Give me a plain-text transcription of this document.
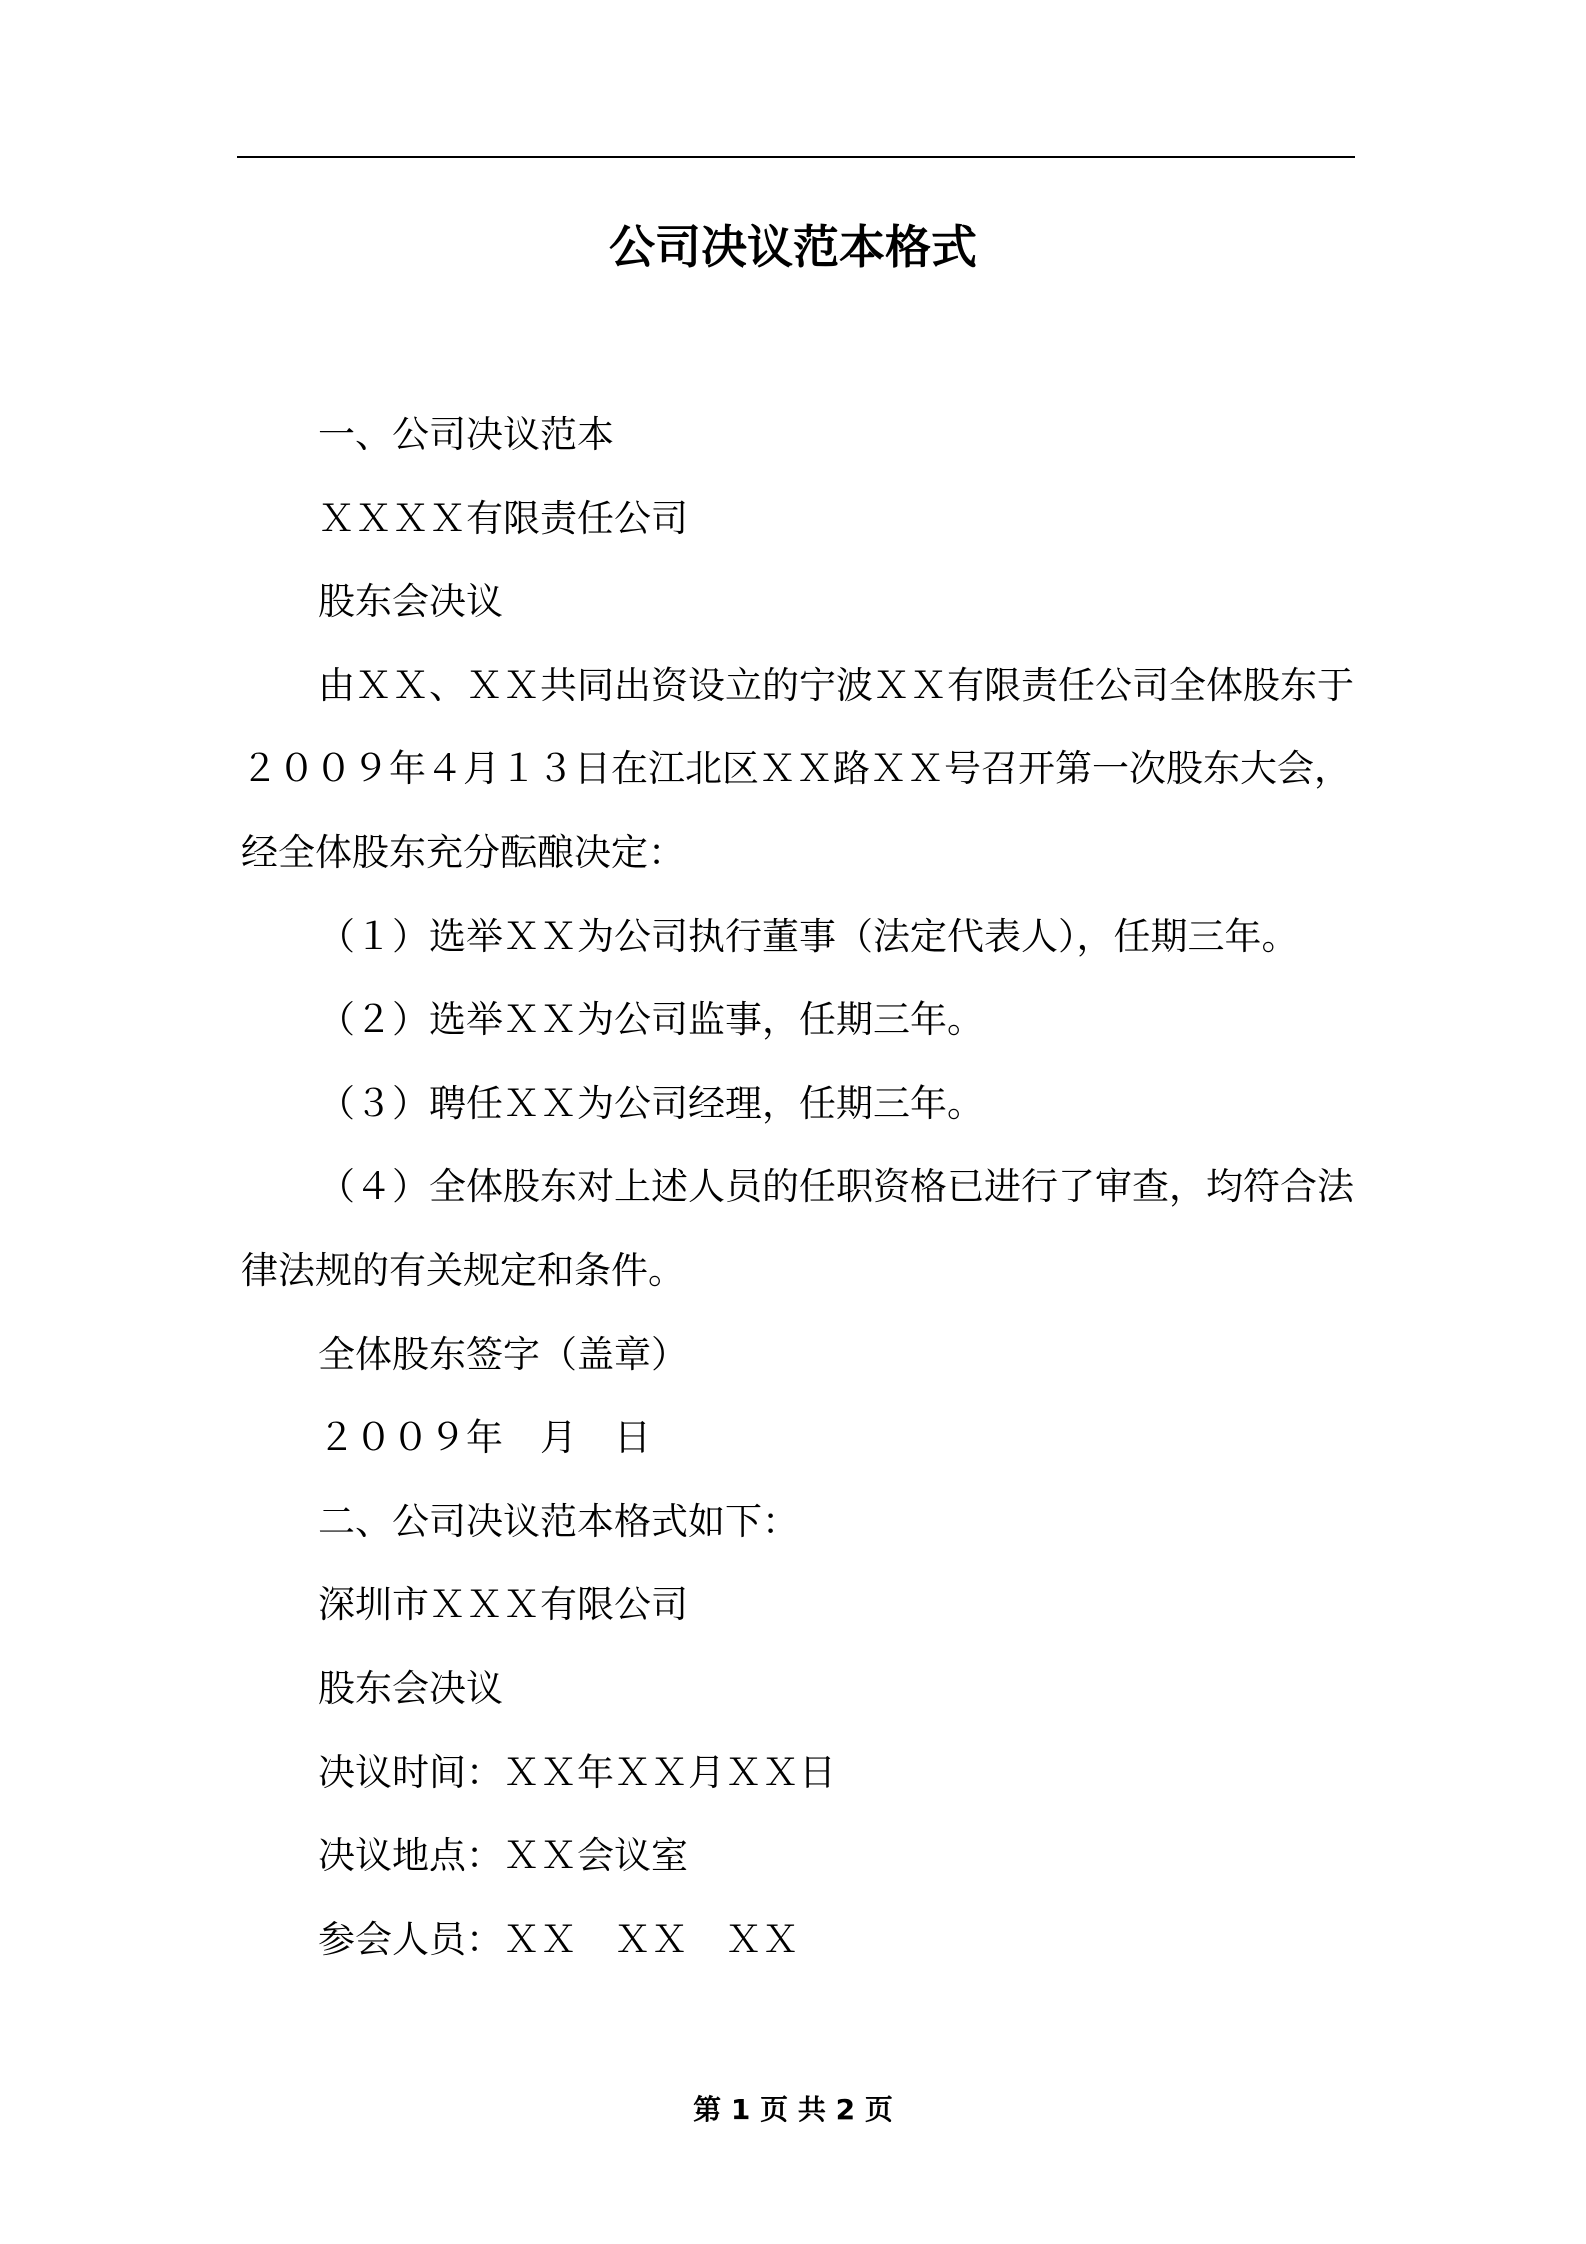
公司决议范本格式
一、公司决议范本
ＸＸＸＸ有限责任公司
股东会决议
由ＸＸ、ＸＸ共同出资设立的宁波ＸＸ有限责任公司全体股东于
２００９年４月１３日在江北区ＸＸ路ＸＸ号召开第一次股东大会，
经全体股东充分酝酿决定：
（１）选举ＸＸ为公司执行董事（法定代表人），任期三年。
（２）选举ＸＸ为公司监事，任期三年。
（３）聘任ＸＸ为公司经理，任期三年。
（４）全体股东对上述人员的任职资格已进行了审查，均符合法
律法规的有关规定和条件。
全体股东签字（盖章）
２００９年　月　日
二、公司决议范本格式如下：
深圳市ＸＸＸ有限公司
股东会决议
决议时间：ＸＸ年ＸＸ月ＸＸ日
决议地点：ＸＸ会议室
参会人员：ＸＸ　ＸＸ　ＸＸ
第 1 页 共 2 页
